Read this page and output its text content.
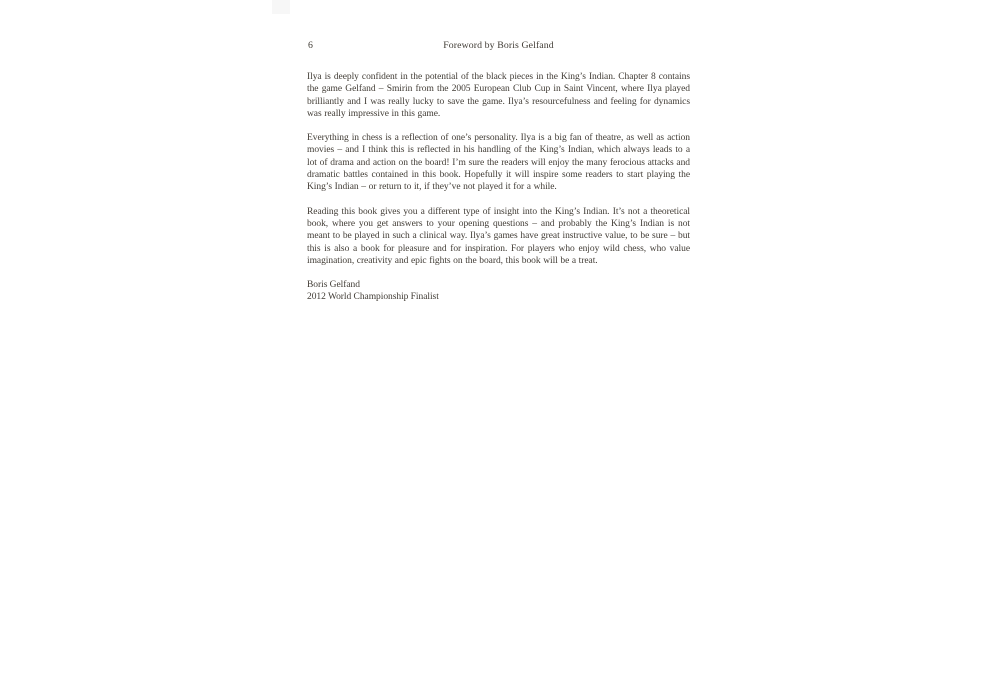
6	Foreword by Boris Gelfand

Ilya is deeply confident in the potential of the black pieces in the King’s Indian. Chapter 8 contains the game Gelfand – Smirin from the 2005 European Club Cup in Saint Vincent, where Ilya played brilliantly and I was really lucky to save the game. Ilya’s resourcefulness and feeling for dynamics was really impressive in this game.

Everything in chess is a reflection of one’s personality. Ilya is a big fan of theatre, as well as action movies – and I think this is reflected in his handling of the King’s Indian, which always leads to a lot of drama and action on the board! I’m sure the readers will enjoy the many ferocious attacks and dramatic battles contained in this book. Hopefully it will inspire some readers to start playing the King’s Indian – or return to it, if they’ve not played it for a while.

Reading this book gives you a different type of insight into the King’s Indian. It’s not a theoretical book, where you get answers to your opening questions – and probably the King’s Indian is not meant to be played in such a clinical way. Ilya’s games have great instructive value, to be sure – but this is also a book for pleasure and for inspiration. For players who enjoy wild chess, who value imagination, creativity and epic fights on the board, this book will be a treat.

Boris Gelfand
2012 World Championship Finalist
